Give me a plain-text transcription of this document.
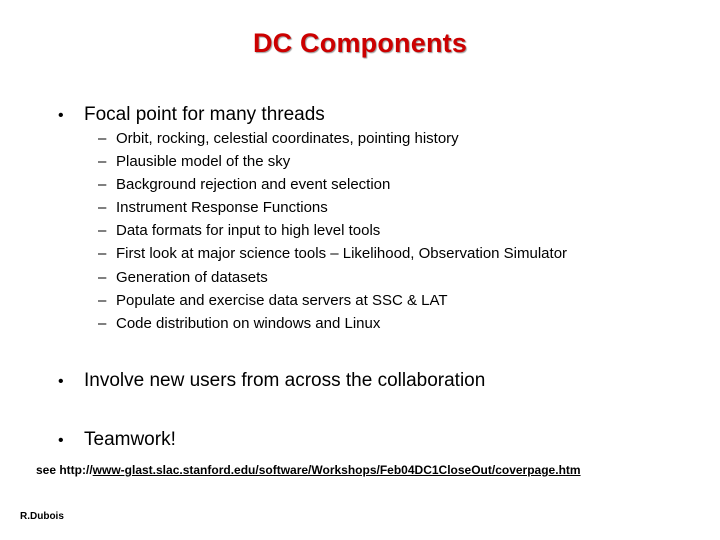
DC Components
•	Focal point for many threads
– Orbit, rocking, celestial coordinates, pointing history
– Plausible model of the sky
– Background rejection and event selection
– Instrument Response Functions
– Data formats for input to high level tools
– First look at major science tools – Likelihood, Observation Simulator
– Generation of datasets
– Populate and exercise data servers at SSC & LAT
– Code distribution on windows and Linux
•	Involve new users from across the collaboration
•	Teamwork!
see http://www-glast.slac.stanford.edu/software/Workshops/Feb04DC1CloseOut/coverpage.htm
R.Dubois
